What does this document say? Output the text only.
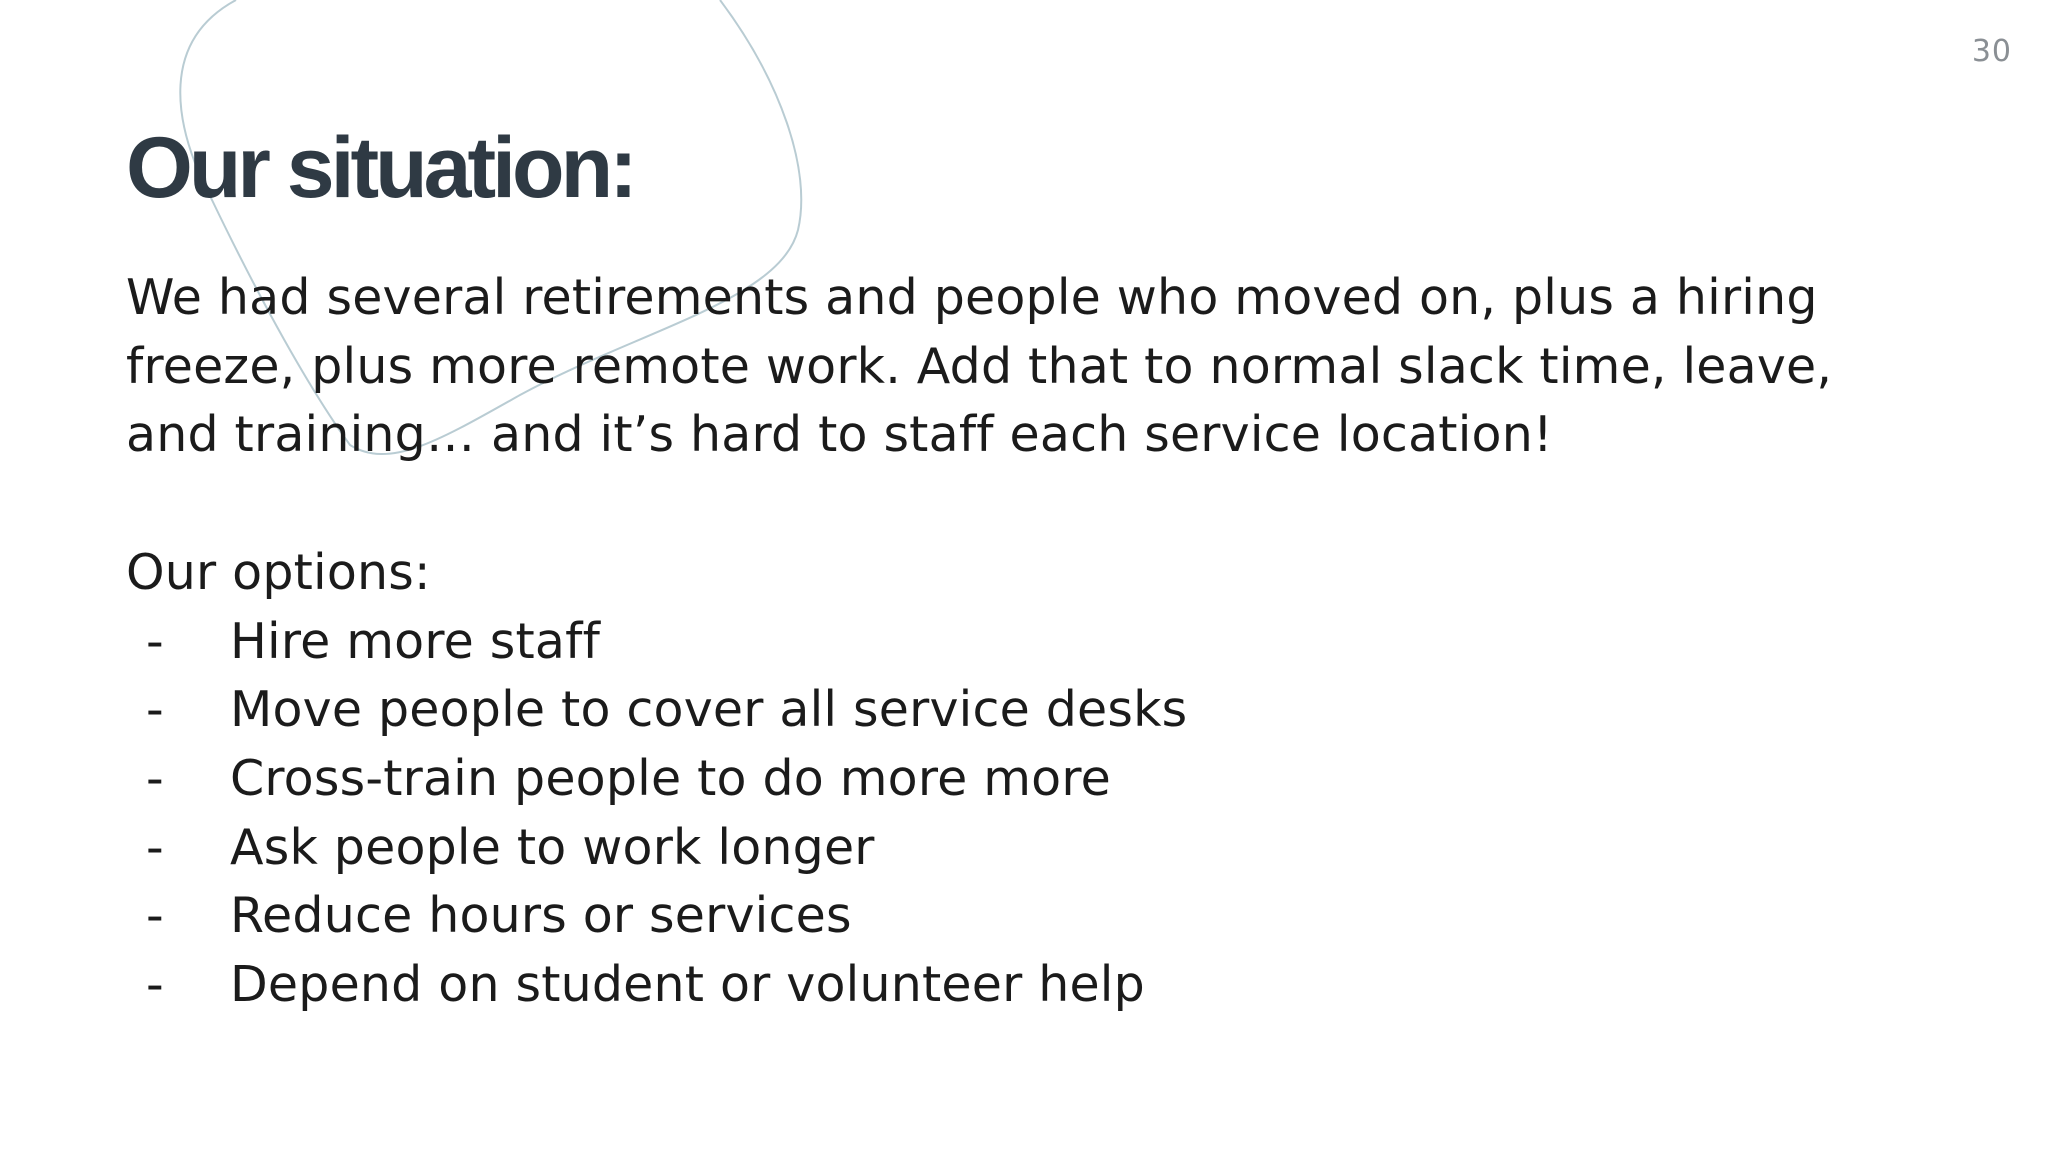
30
Our situation:

We had several retirements and people who moved on, plus a hiring freeze, plus more remote work. Add that to normal slack time, leave, and training… and it’s hard to staff each service location!

Our options:

-	Hire more staff
-	Move people to cover all service desks
-	Cross-train people to do more more
-	Ask people to work longer
-	Reduce hours or services
-	Depend on student or volunteer help
